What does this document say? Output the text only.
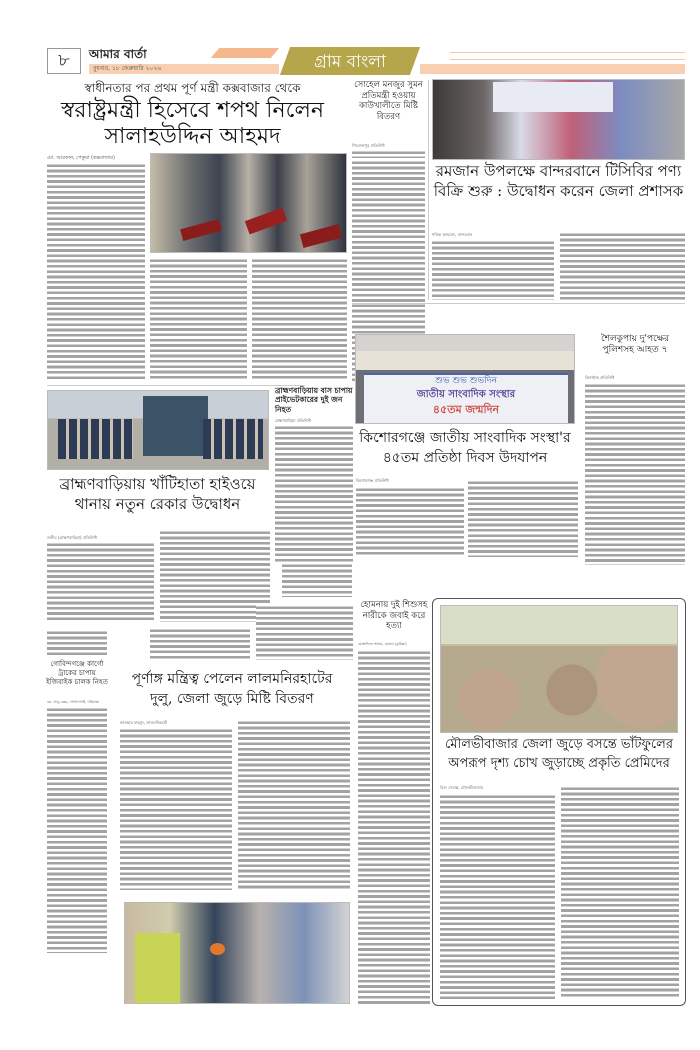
৮	আমার বার্তা
বুধবার, ১৮ ফেব্রুয়ারি ২০২৬	গ্রাম বাংলা
স্বাধীনতার পর প্রথম পূর্ণ মন্ত্রী কক্সবাজার থেকে
স্বরাষ্ট্রমন্ত্রী হিসেবে শপথ নিলেন
সালাহউদ্দিন আহমদ
মো. আরকান, পেকুয়া (কক্সবাজার)
সোহেল মনজুর সুমন প্রতিমন্ত্রী হওয়ায় কাউখালীতে মিষ্টি বিতরণ
পিরোজপুর প্রতিনিধি
রমজান উপলক্ষে বান্দরবানে টিসিবির পণ্য
বিক্রি শুরু : উদ্বোধন করেন জেলা প্রশাসক
শফিক আহমেদ, বান্দরবান
ব্রাহ্মণবাড়িয়ায় খাঁটিহাতা হাইওয়ে
থানায় নতুন রেকার উদ্বোধন
সজীব (ব্রাহ্মণবাড়িয়া) প্রতিনিধি
ব্রাহ্মণবাড়িয়ায় বাস চাপায় প্রাইভেটকারের দুই জন নিহত
ব্রাহ্মণবাড়িয়া প্রতিনিধি
শুভ শুভ শুভদিন
জাতীয় সাংবাদিক সংস্থার
৪৫তম জন্মদিন
কিশোরগঞ্জে জাতীয় সাংবাদিক সংস্থা'র
৪৫তম প্রতিষ্ঠা দিবস উদযাপন
কিশোরগঞ্জ প্রতিনিধি
শৈলকুপায় দু'পক্ষের পুলিশসহ আহত ৭
ঝিনাইদহ প্রতিনিধি
গোবিন্দগঞ্জে কার্গো ট্রাকের চাপায় ইজিবাইক চালক নিহত
মো. আবু বক্কর, গোবিন্দগঞ্জ, গাইবান্ধা
হোমনায় দুই শিশুসহ নারীকে জবাই করে হত্যা
মোস্তাফিজ আলম, হোমনা (কুমিল্লা)
পূর্ণাঙ্গ মন্ত্রিত্ব পেলেন লালমনিরহাটের
দুলু, জেলা জুড়ে মিষ্টি বিতরণ
কাওছার মাহমুদ, লালমনিরহাট
মৌলভীবাজার জেলা জুড়ে বসন্তে ভাঁটফুলের
অপরূপ দৃশ্য চোখ জুড়াচ্ছে প্রকৃতি প্রেমিদের
বিশু সেবাঙ্ক, মৌলভীবাজার
